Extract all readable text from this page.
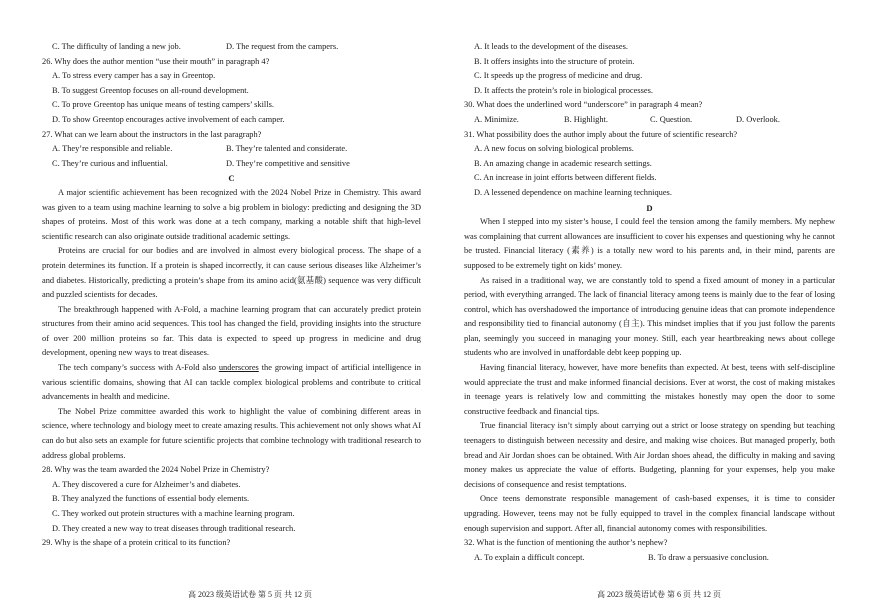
C. The difficulty of landing a new job.	D. The request from the campers.
26. Why does the author mention “use their mouth” in paragraph 4?
A. To stress every camper has a say in Greentop.
B. To suggest Greentop focuses on all-round development.
C. To prove Greentop has unique means of testing campers’ skills.
D. To show Greentop encourages active involvement of each camper.
27. What can we learn about the instructors in the last paragraph?
A. They’re responsible and reliable.	B. They’re talented and considerate.
C. They’re curious and influential.	D. They’re competitive and sensitive
C

A major scientific achievement has been recognized with the 2024 Nobel Prize in Chemistry. This award was given to a team using machine learning to solve a big problem in biology: predicting and designing the 3D shapes of proteins. Most of this work was done at a tech company, marking a notable shift that high-level scientific research can also originate outside traditional academic settings.

Proteins are crucial for our bodies and are involved in almost every biological process. The shape of a protein determines its function. If a protein is shaped incorrectly, it can cause serious diseases like Alzheimer’s and diabetes. Historically, predicting a protein’s shape from its amino acid(氨基酸) sequence was very difficult and puzzled scientists for decades.

The breakthrough happened with A-Fold, a machine learning program that can accurately predict protein structures from their amino acid sequences. This tool has changed the field, providing insights into the structure of over 200 million proteins so far. This data is expected to speed up progress in medicine and drug development, opening new ways to treat diseases.

The tech company’s success with A-Fold also underscores the growing impact of artificial intelligence in various scientific domains, showing that AI can tackle complex biological problems and contribute to critical advancements in health and medicine.

The Nobel Prize committee awarded this work to highlight the value of combining different areas in science, where technology and biology meet to create amazing results. This achievement not only shows what AI can do but also sets an example for future scientific projects that combine technology with traditional research to address global problems.

28. Why was the team awarded the 2024 Nobel Prize in Chemistry?
A. They discovered a cure for Alzheimer’s and diabetes.
B. They analyzed the functions of essential body elements.
C. They worked out protein structures with a machine learning program.
D. They created a new way to treat diseases through traditional research.
29. Why is the shape of a protein critical to its function?
A. It leads to the development of the diseases.
B. It offers insights into the structure of protein.
C. It speeds up the progress of medicine and drug.
D. It affects the protein’s role in biological processes.
30. What does the underlined word “underscore” in paragraph 4 mean?
A. Minimize.	B. Highlight.	C. Question.	D. Overlook.
31. What possibility does the author imply about the future of scientific research?
A. A new focus on solving biological problems.
B. An amazing change in academic research settings.
C. An increase in joint efforts between different fields.
D. A lessened dependence on machine learning techniques.
D

When I stepped into my sister’s house, I could feel the tension among the family members. My nephew was complaining that current allowances are insufficient to cover his expenses and questioning why he cannot be trusted. Financial literacy (素养) is a totally new word to his parents and, in their mind, parents are supposed to be extremely tight on kids’ money.

As raised in a traditional way, we are constantly told to spend a fixed amount of money in a particular period, with everything arranged. The lack of financial literacy among teens is mainly due to the fear of losing control, which has overshadowed the importance of introducing genuine ideas that can promote independence and responsibility tied to financial autonomy (自主). This mindset implies that if you just follow the parents plan, seemingly you succeed in managing your money. Still, each year heartbreaking news about college students who are involved in unaffordable debt keep popping up.

Having financial literacy, however, have more benefits than expected. At best, teens with self-discipline would appreciate the trust and make informed financial decisions. Ever at worst, the cost of making mistakes in teenage years is relatively low and committing the mistakes honestly may open the door to some constructive feedback and financial tips.

True financial literacy isn’t simply about carrying out a strict or loose strategy on spending but teaching teenagers to distinguish between necessity and desire, and making wise choices. But managed properly, both bread and Air Jordan shoes can be obtained. With Air Jordan shoes ahead, the difficulty in making and saving money makes us appreciate the value of efforts. Budgeting, planning for your expenses, help you make decisions of consequence and resist temptations.

Once teens demonstrate responsible management of cash-based expenses, it is time to consider upgrading. However, teens may not be fully equipped to travel in the complex financial landscape without enough supervision and support. After all, financial autonomy comes with responsibilities.

32. What is the function of mentioning the author’s nephew?
A. To explain a difficult concept.	B. To draw a persuasive conclusion.
高 2023 级英语试卷 第 5 页 共 12 页	高 2023 级英语试卷 第 6 页 共 12 页
